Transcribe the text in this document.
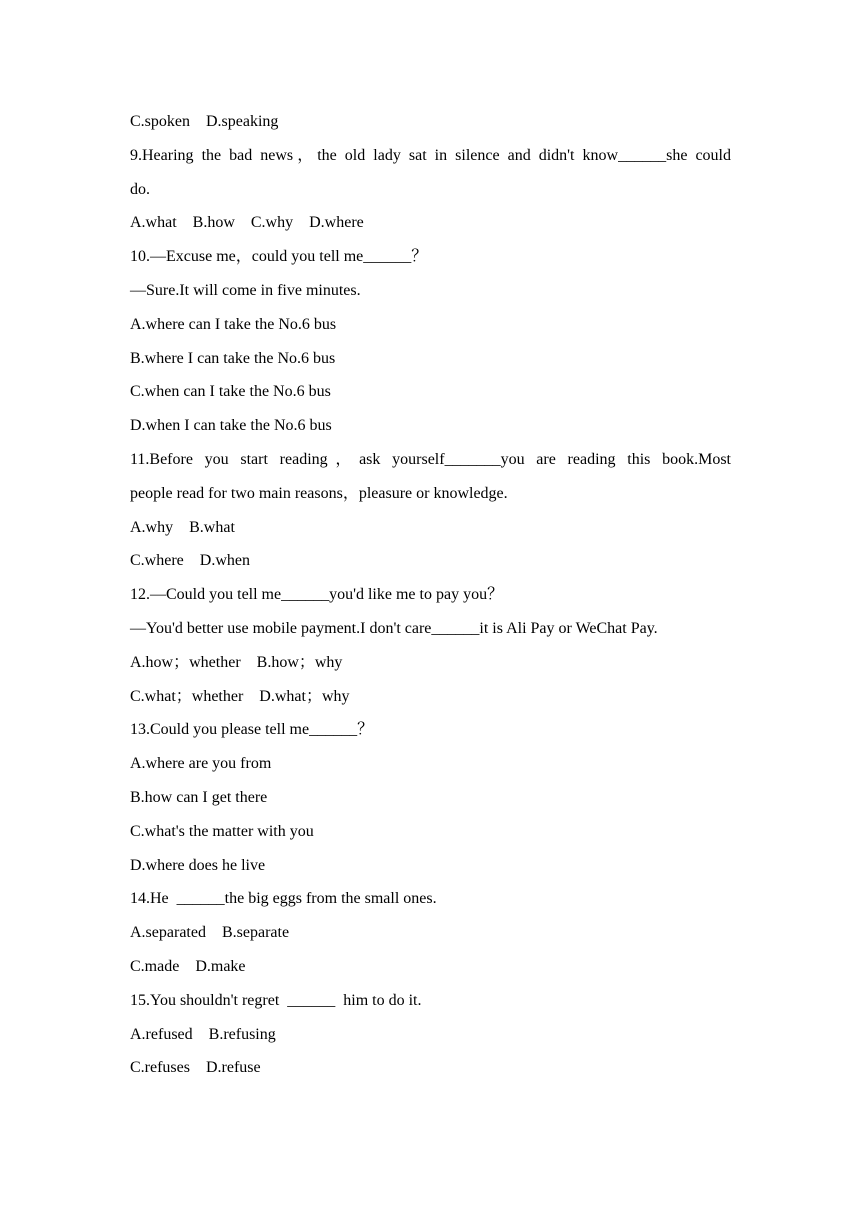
C.spoken    D.speaking
9.Hearing the bad news，the old lady sat in silence and didn't know______she could
do.
A.what    B.how    C.why    D.where
10.—Excuse me，could you tell me______？
—Sure.It will come in five minutes.
A.where can I take the No.6 bus
B.where I can take the No.6 bus
C.when can I take the No.6 bus
D.when I can take the No.6 bus
11.Before you start reading，ask yourself_______you are reading this book.Most
people read for two main reasons，pleasure or knowledge.
A.why    B.what
C.where    D.when
12.—Could you tell me______you'd like me to pay you？
—You'd better use mobile payment.I don't care______it is Ali Pay or WeChat Pay.
A.how；whether    B.how；why
C.what；whether    D.what；why
13.Could you please tell me______？
A.where are you from
B.how can I get there
C.what's the matter with you
D.where does he live
14.He  ______the big eggs from the small ones.
A.separated    B.separate
C.made    D.make
15.You shouldn't regret  ______  him to do it.
A.refused    B.refusing
C.refuses    D.refuse
